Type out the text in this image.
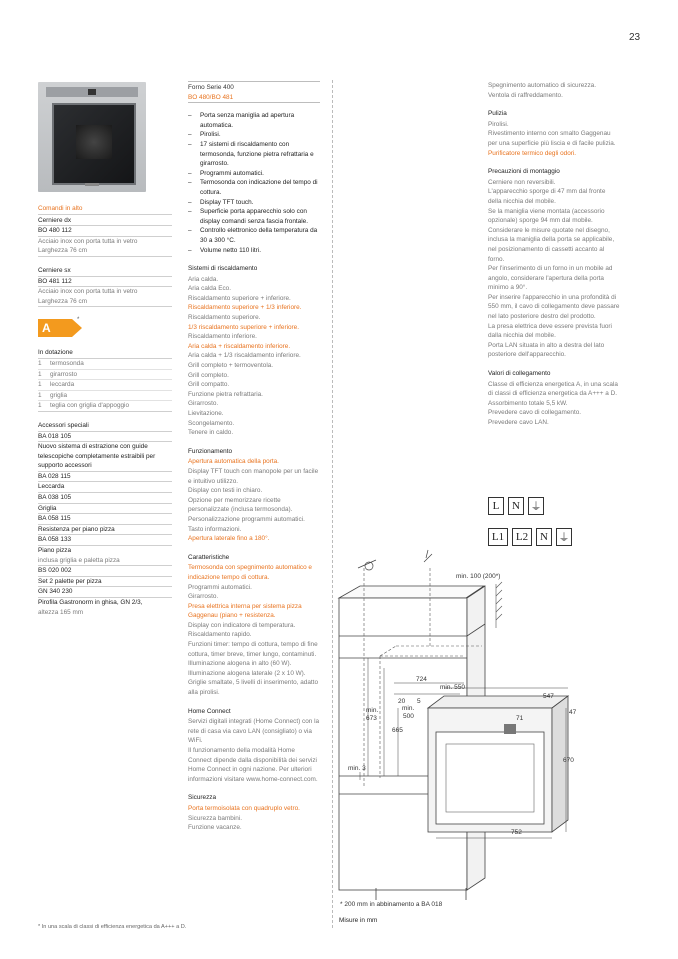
23
Comandi in alto
Cerniere dx
BO 480 112
Acciaio inox con porta tutta in vetro
Larghezza 76 cm
Cerniere sx
BO 481 112
Acciaio inox con porta tutta in vetro
Larghezza 76 cm
A
*
In dotazione
1 termosonda
1 girarrosto
1 leccarda
1 griglia
1 teglia con griglia d'appoggio
Accessori speciali
BA 018 105
Nuovo sistema di estrazione con guide telescopiche completamente estraibili per supporto accessori
BA 028 115
Leccarda
BA 038 105
Griglia
BA 058 115
Resistenza per piano pizza
BA 058 133
Piano pizza
inclusa griglia e paletta pizza
BS 020 002
Set 2 palette per pizza
GN 340 230
Pirofila Gastronorm in ghisa, GN 2/3,
altezza 165 mm
Forno Serie 400
BO 480/BO 481
– Porta senza maniglia ad apertura automatica.
– Pirolisi.
– 17 sistemi di riscaldamento con termosonda, funzione pietra refrattaria e girarrosto.
– Programmi automatici.
– Termosonda con indicazione del tempo di cottura.
– Display TFT touch.
– Superficie porta apparecchio solo con display comandi senza fascia frontale.
– Controllo elettronico della temperatura da 30 a 300 °C.
– Volume netto 110 litri.
Sistemi di riscaldamento
Aria calda.
Aria calda Eco.
Riscaldamento superiore + inferiore.
Riscaldamento superiore + 1/3 inferiore.
Riscaldamento superiore.
1/3 riscaldamento superiore + inferiore.
Riscaldamento inferiore.
Aria calda + riscaldamento inferiore.
Aria calda + 1/3 riscaldamento inferiore.
Grill completo + termoventola.
Grill completo.
Grill compatto.
Funzione pietra refrattaria.
Girarrosto.
Lievitazione.
Scongelamento.
Tenere in caldo.
Funzionamento
Apertura automatica della porta.
Display TFT touch con manopole per un facile e intuitivo utilizzo.
Display con testi in chiaro.
Opzione per memorizzare ricette personalizzate (inclusa termosonda).
Personalizzazione programmi automatici.
Tasto informazioni.
Apertura laterale fino a 180°.
Caratteristiche
Termosonda con spegnimento automatico e indicazione tempo di cottura.
Programmi automatici.
Girarrosto.
Presa elettrica interna per sistema pizza Gaggenau (piano + resistenza.
Display con indicatore di temperatura.
Riscaldamento rapido.
Funzioni timer: tempo di cottura, tempo di fine cottura, timer breve, timer lungo, contaminuti.
Illuminazione alogena in alto (60 W).
Illuminazione alogena laterale (2 x 10 W).
Griglie smaltate, 5 livelli di inserimento, adatto alla pirolisi.
Home Connect
Servizi digitali integrati (Home Connect) con la rete di casa via cavo LAN (consigliato) o via WiFi.
Il funzionamento della modalità Home Connect dipende dalla disponibilità dei servizi Home Connect in ogni nazione. Per ulteriori informazioni visitare www.home-connect.com.
Sicurezza
Porta termoisolata con quadruplo vetro.
Sicurezza bambini.
Funzione vacanze.
Spegnimento automatico di sicurezza.
Ventola di raffreddamento.
Pulizia
Pirolisi.
Rivestimento interno con smalto Gaggenau per una superficie più liscia e di facile pulizia.
Purificatore termico degli odori.
Precauzioni di montaggio
Cerniere non reversibili.
L'apparecchio sporge di 47 mm dal fronte della nicchia del mobile.
Se la maniglia viene montata (accessorio opzionale) sporge 94 mm dal mobile.
Considerare le misure quotate nel disegno, inclusa la maniglia della porta se applicabile, nel posizionamento di cassetti accanto al forno.
Per l'inserimento di un forno in un mobile ad angolo, considerare l'apertura della porta minimo a 90°.
Per inserire l'apparecchio in una profondità di 550 mm, il cavo di collegamento deve passare nel lato posteriore destro del prodotto.
La presa elettrica deve essere prevista fuori dalla nicchia del mobile.
Porta LAN situata in alto a destra del lato posteriore dell'apparecchio.
Valori di collegamento
Classe di efficienza energetica A, in una scala di classi di efficienza energetica da A+++ a D.
Assorbimento totale 5,5 kW.
Prevedere cavo di collegamento.
Prevedere cavo LAN.
L	N ⏚
L1	L2	N ⏚
min. 100 (200*)
724
min. 550
20 5
min.
500
min.
673
665
547
47
71
670
min. 3
752
* 200 mm in abbinamento a BA 018
Misure in mm
* In una scala di classi di efficienza energetica da A+++ a D.
